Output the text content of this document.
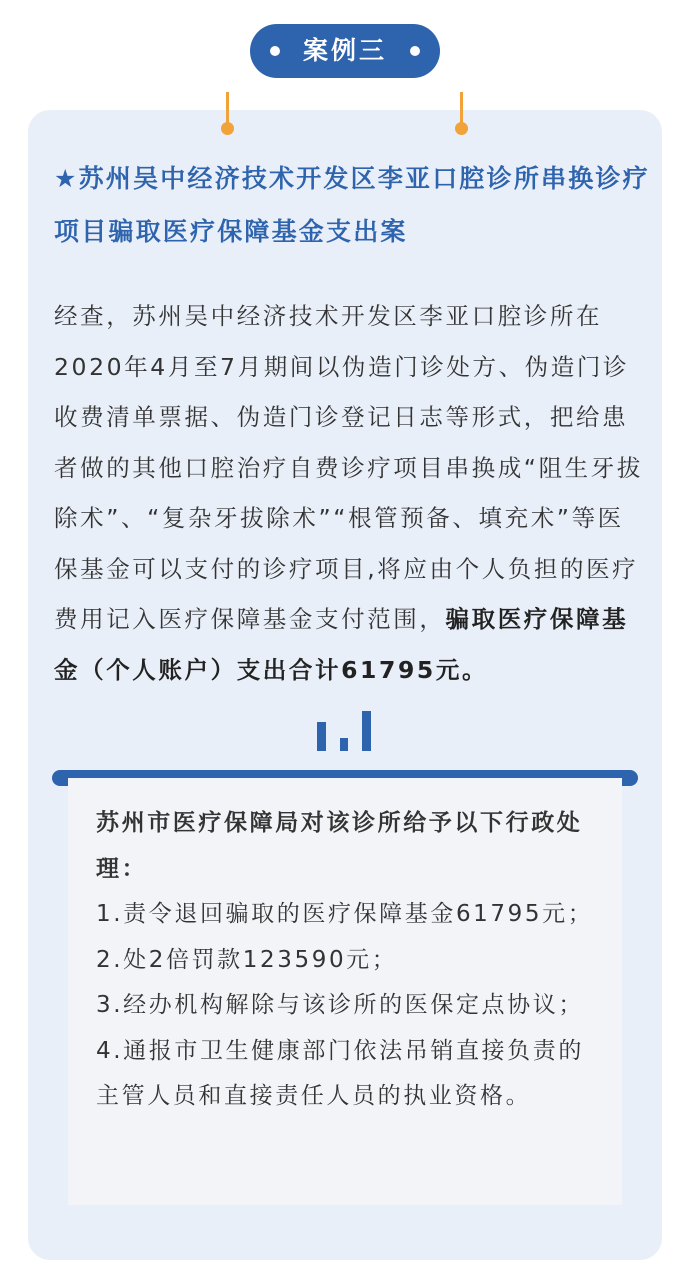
案例三
★苏州吴中经济技术开发区李亚口腔诊所串换诊疗项目骗取医疗保障基金支出案

经查，苏州吴中经济技术开发区李亚口腔诊所在2020年4月至7月期间以伪造门诊处方、伪造门诊收费清单票据、伪造门诊登记日志等形式，把给患者做的其他口腔治疗自费诊疗项目串换成“阻生牙拔除术”、“复杂牙拔除术”“根管预备、填充术”等医保基金可以支付的诊疗项目,将应由个人负担的医疗费用记入医疗保障基金支付范围，骗取医疗保障基金（个人账户）支出合计61795元。

苏州市医疗保障局对该诊所给予以下行政处理：
1.责令退回骗取的医疗保障基金61795元；
2.处2倍罚款123590元；
3.经办机构解除与该诊所的医保定点协议；
4.通报市卫生健康部门依法吊销直接负责的主管人员和直接责任人员的执业资格。
